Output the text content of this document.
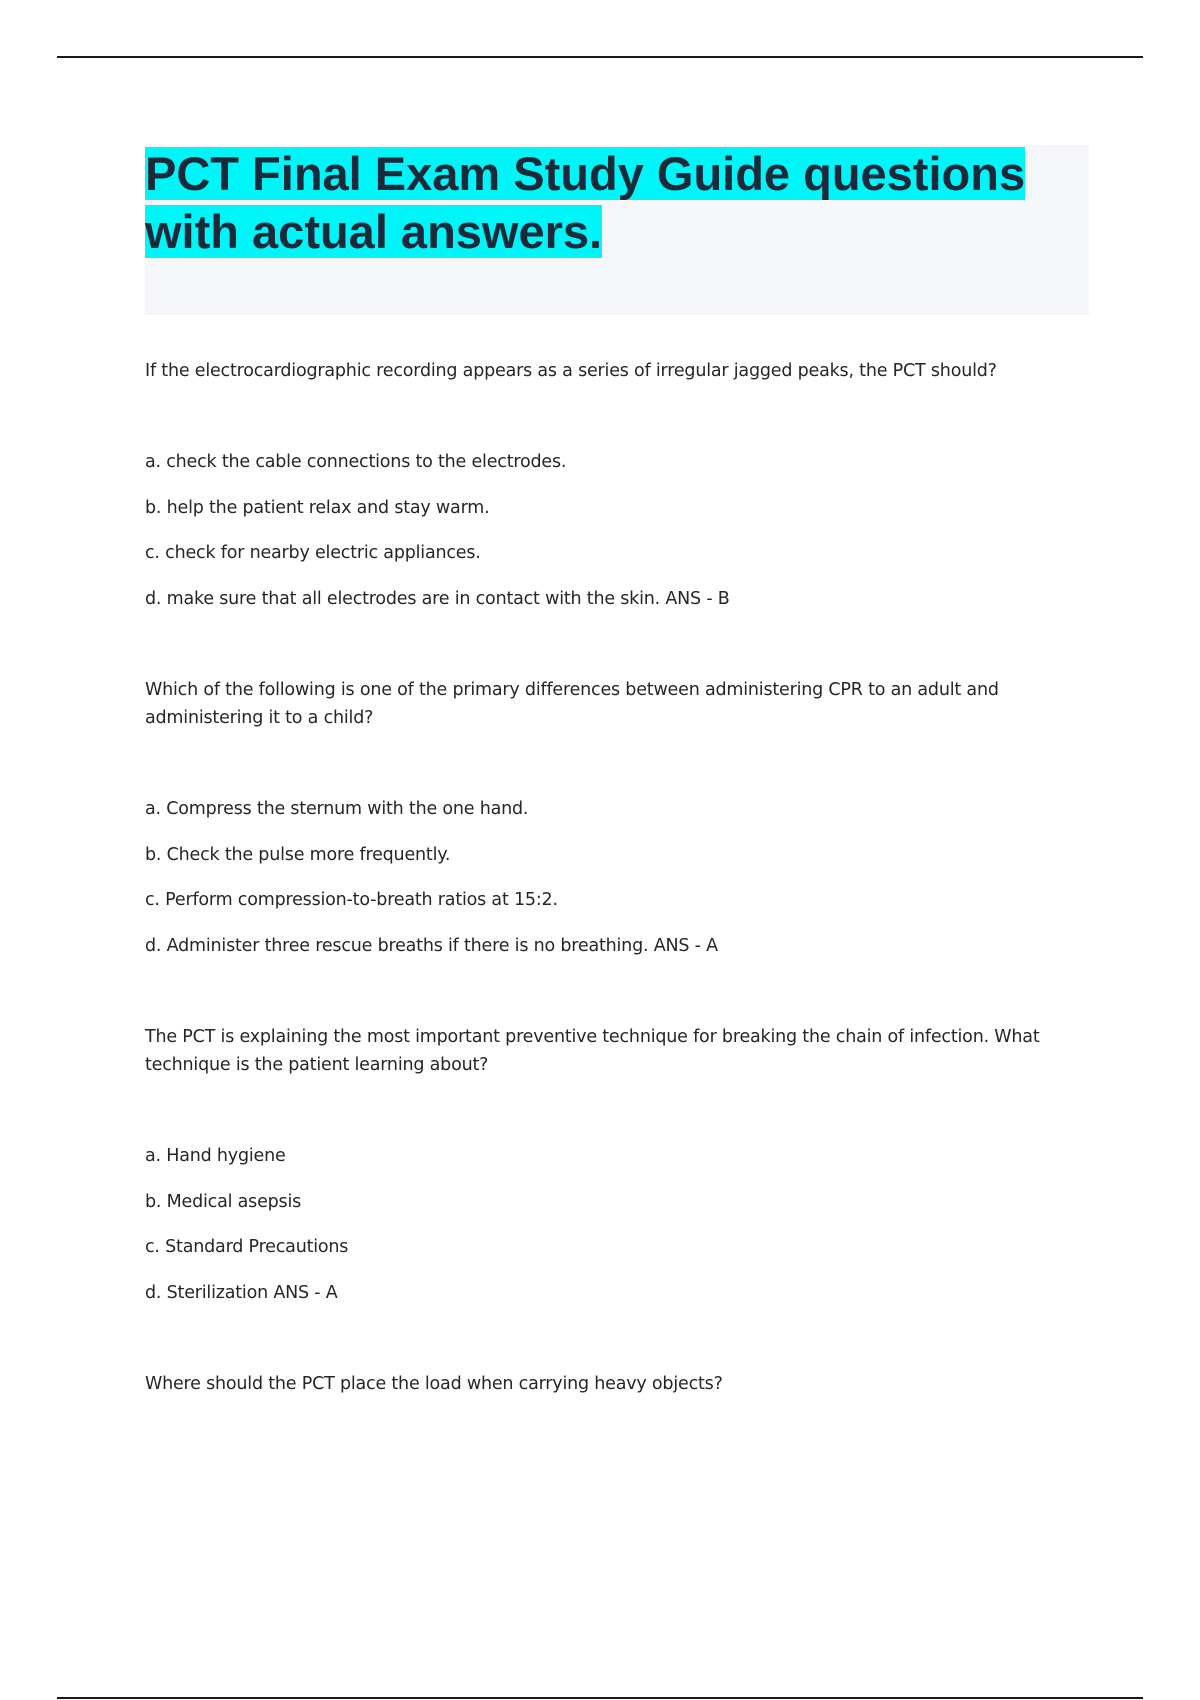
PCT Final Exam Study Guide questions with actual answers.
If the electrocardiographic recording appears as a series of irregular jagged peaks, the PCT should?
a. check the cable connections to the electrodes.
b. help the patient relax and stay warm.
c. check for nearby electric appliances.
d. make sure that all electrodes are in contact with the skin. ANS - B
Which of the following is one of the primary differences between administering CPR to an adult and administering it to a child?
a. Compress the sternum with the one hand.
b. Check the pulse more frequently.
c. Perform compression-to-breath ratios at 15:2.
d. Administer three rescue breaths if there is no breathing. ANS - A
The PCT is explaining the most important preventive technique for breaking the chain of infection. What technique is the patient learning about?
a. Hand hygiene
b. Medical asepsis
c. Standard Precautions
d. Sterilization ANS - A
Where should the PCT place the load when carrying heavy objects?
